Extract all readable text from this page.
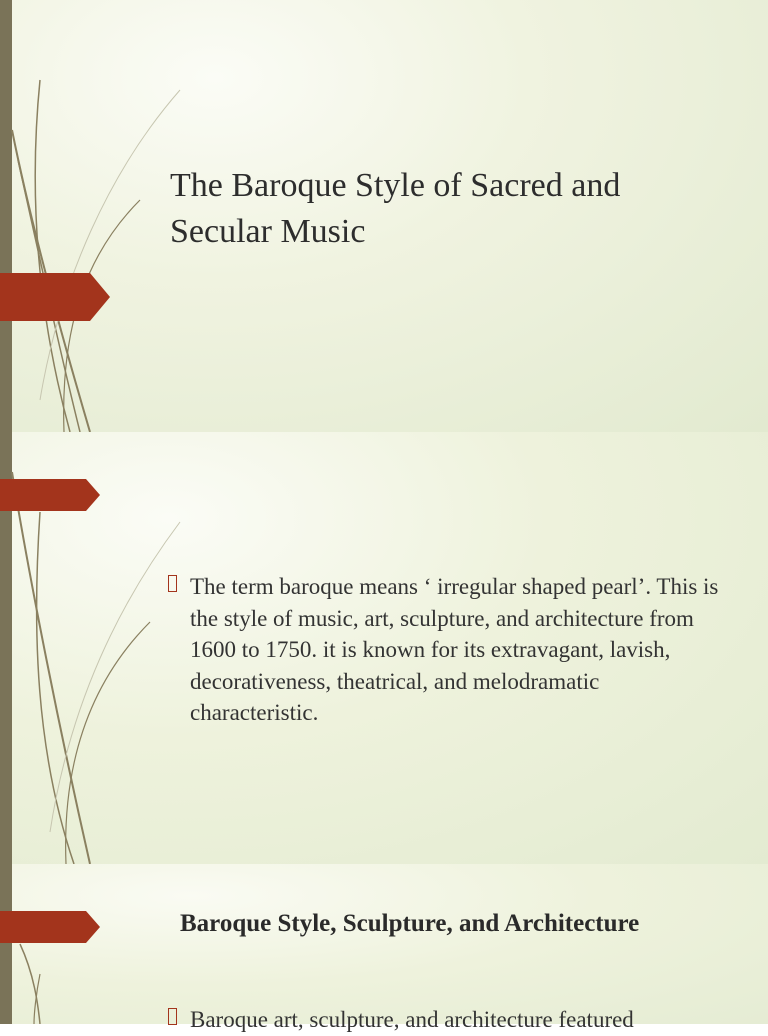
The Baroque Style of Sacred and Secular Music

The term baroque means ‘ irregular shaped pearl’. This is the style of music, art, sculpture, and architecture from 1600 to 1750. it is known for its extravagant, lavish, decorativeness, theatrical, and melodramatic characteristic.

Baroque Style, Sculpture, and Architecture

Baroque art, sculpture, and architecture featured
